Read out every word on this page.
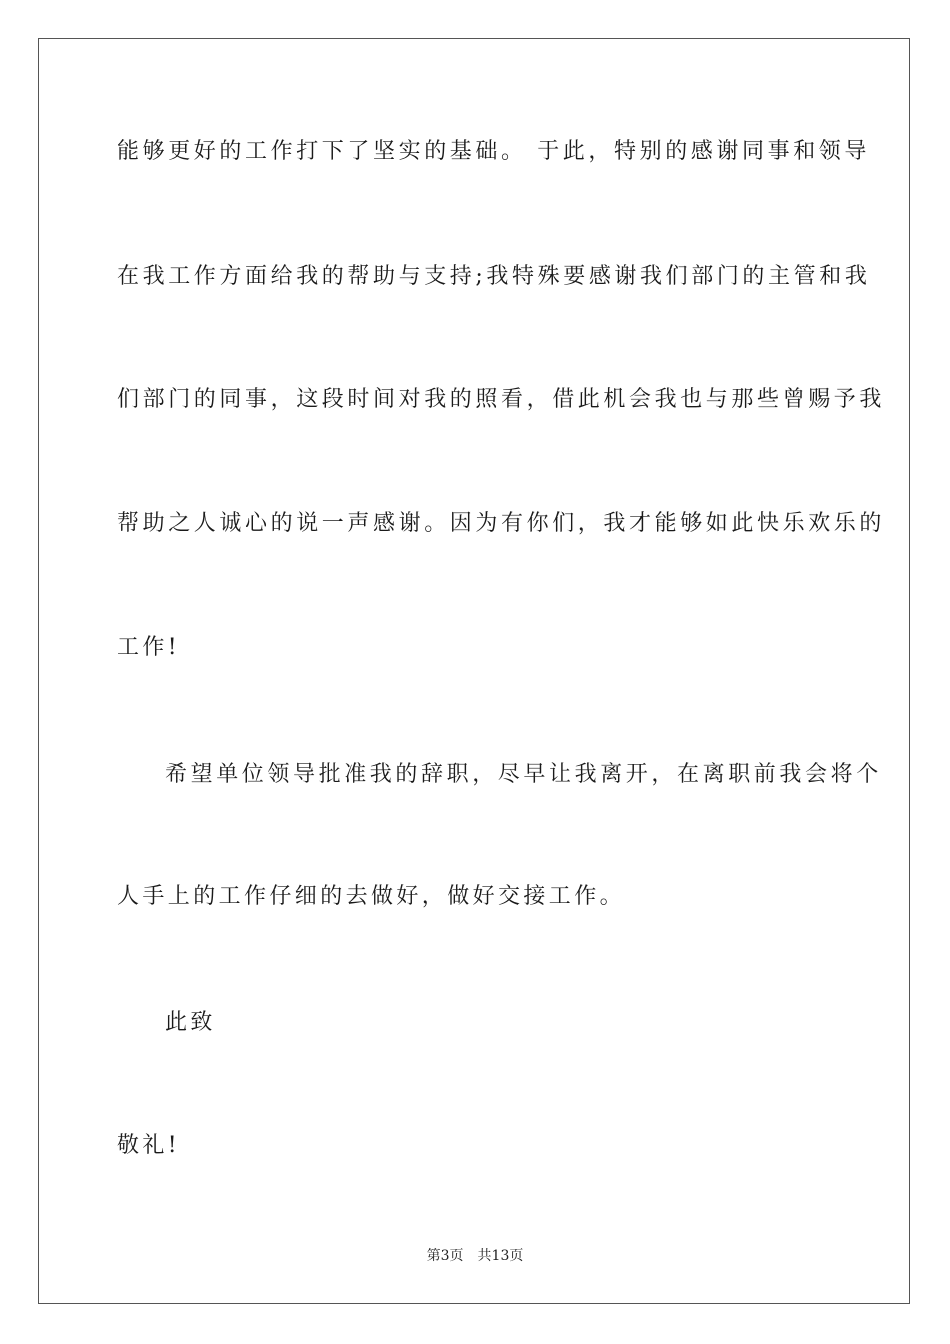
能够更好的工作打下了坚实的基础。 于此，特别的感谢同事和领导
在我工作方面给我的帮助与支持;我特殊要感谢我们部门的主管和我
们部门的同事，这段时间对我的照看，借此机会我也与那些曾赐予我
帮助之人诚心的说一声感谢。因为有你们，我才能够如此快乐欢乐的
工作!
希望单位领导批准我的辞职，尽早让我离开，在离职前我会将个
人手上的工作仔细的去做好，做好交接工作。
此致
敬礼!
第3页 共13页
